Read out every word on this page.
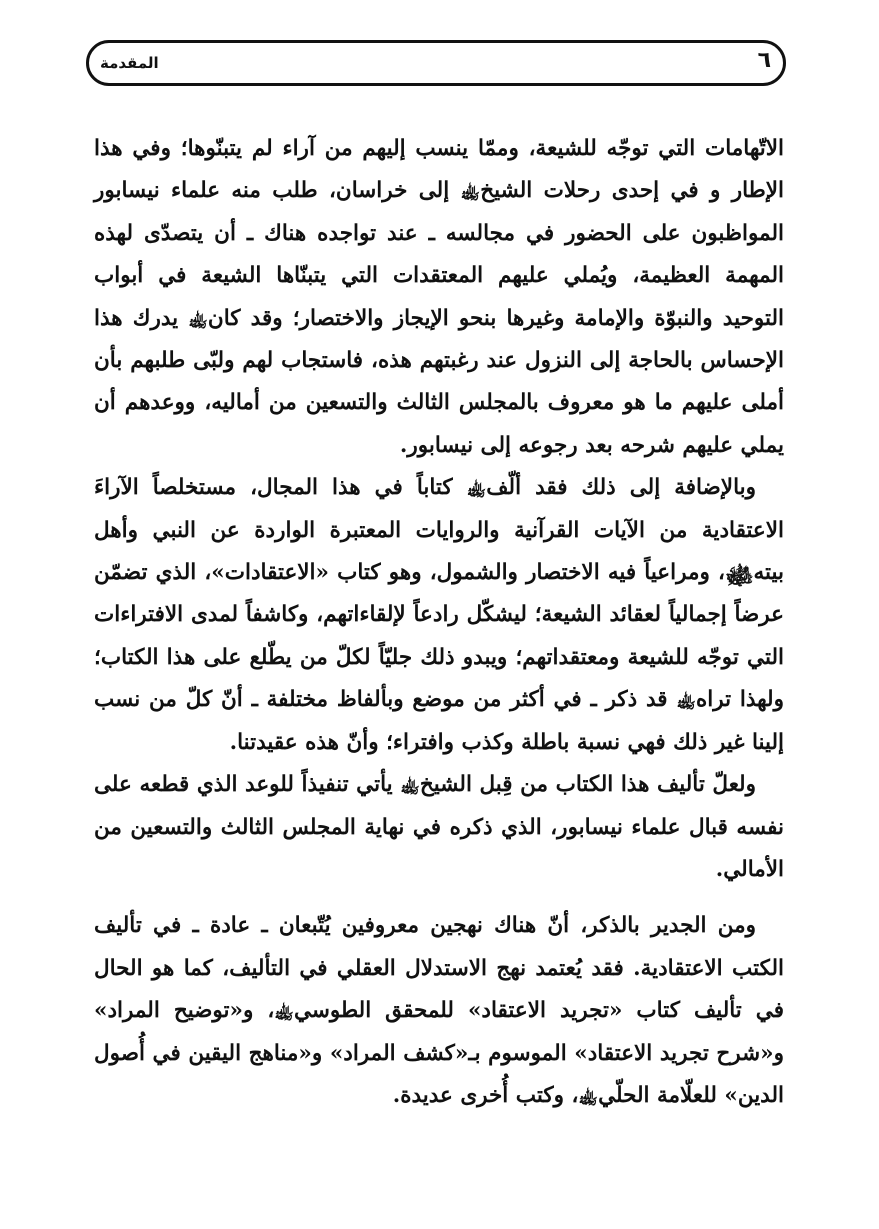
المقدمة	٦

الاتّهامات التي توجّه للشيعة، وممّا ينسب إليهم من آراء لم يتبنّوها؛ وفي هذا الإطار و في إحدى رحلات الشيخ﵀ إلى خراسان، طلب منه علماء نيسابور المواظبون على الحضور في مجالسه ـ عند تواجده هناك ـ أن يتصدّى لهذه المهمة العظيمة، ويُملي عليهم المعتقدات التي يتبنّاها الشيعة في أبواب التوحيد والنبوّة والإمامة وغيرها بنحو الإيجاز والاختصار؛ وقد كان﵀ يدرك هذا الإحساس بالحاجة إلى النزول عند رغبتهم هذه، فاستجاب لهم ولبّى طلبهم بأن أملى عليهم ما هو معروف بالمجلس الثالث والتسعين من أماليه، ووعدهم أن يملي عليهم شرحه بعد رجوعه إلى نيسابور.

وبالإضافة إلى ذلك فقد ألّف﵀ كتاباً في هذا المجال، مستخلصاً الآراءَ الاعتقادية من الآيات القرآنية والروايات المعتبرة الواردة عن النبي وأهل بيته﵊، ومراعياً فيه الاختصار والشمول، وهو كتاب «الاعتقادات»، الذي تضمّن عرضاً إجمالياً لعقائد الشيعة؛ ليشكّل رادعاً لإلقاءاتهم، وكاشفاً لمدى الافتراءات التي توجّه للشيعة ومعتقداتهم؛ ويبدو ذلك جليّاً لكلّ من يطّلع على هذا الكتاب؛ ولهذا تراه﵀ قد ذكر ـ في أكثر من موضع وبألفاظ مختلفة ـ أنّ كلّ من نسب إلينا غير ذلك فهي نسبة باطلة وكذب وافتراء؛ وأنّ هذه عقيدتنا.

ولعلّ تأليف هذا الكتاب من قِبل الشيخ﵀ يأتي تنفيذاً للوعد الذي قطعه على نفسه قبال علماء نيسابور، الذي ذكره في نهاية المجلس الثالث والتسعين من الأمالي.

ومن الجدير بالذكر، أنّ هناك نهجين معروفين يُتّبعان ـ عادة ـ في تأليف الكتب الاعتقادية. فقد يُعتمد نهج الاستدلال العقلي في التأليف، كما هو الحال في تأليف كتاب «تجريد الاعتقاد» للمحقق الطوسي﵀، و«توضيح المراد» و«شرح تجريد الاعتقاد» الموسوم بـ«كشف المراد» و«مناهج اليقين في أُصول الدين» للعلّامة الحلّي﵀، وكتب أُخرى عديدة.
